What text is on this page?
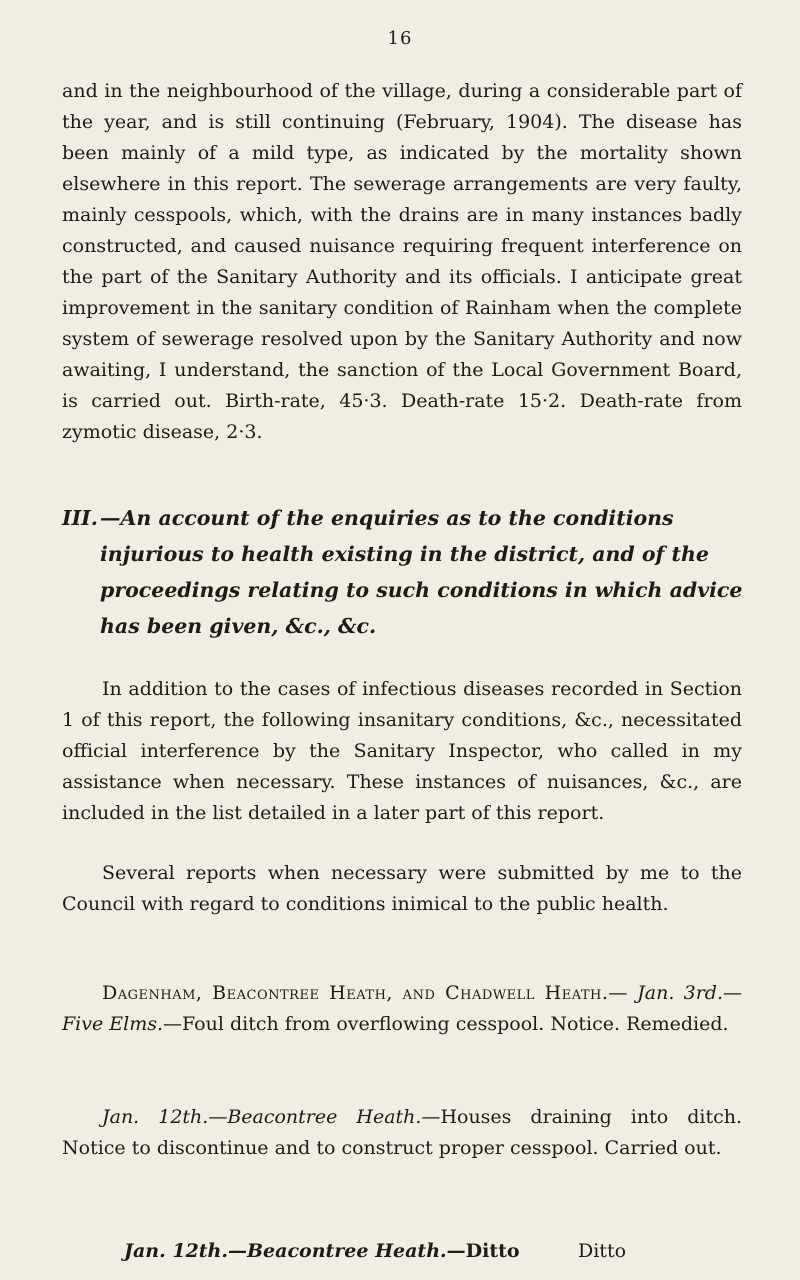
16

and in the neighbourhood of the village, during a considerable part of the year, and is still continuing (February, 1904). The disease has been mainly of a mild type, as indicated by the mortality shown elsewhere in this report. The sewerage arrangements are very faulty, mainly cesspools, which, with the drains are in many instances badly constructed, and caused nuisance requiring frequent interference on the part of the Sanitary Authority and its officials. I anticipate great improvement in the sanitary condition of Rainham when the complete system of sewerage resolved upon by the Sanitary Authority and now awaiting, I understand, the sanction of the Local Government Board, is carried out. Birth-rate, 45·3. Death-rate 15·2. Death-rate from zymotic disease, 2·3.

III. —An account of the enquiries as to the conditions injurious to health existing in the district, and of the proceedings relating to such conditions in which advice has been given, &c., &c.

In addition to the cases of infectious diseases recorded in Section 1 of this report, the following insanitary conditions, &c., necessitated official interference by the Sanitary Inspector, who called in my assistance when necessary. These instances of nuisances, &c., are included in the list detailed in a later part of this report.

Several reports when necessary were submitted by me to the Council with regard to conditions inimical to the public health.

Dagenham, Beacontree Heath, and Chadwell Heath.— Jan. 3rd.—Five Elms.—Foul ditch from overflowing cesspool. Notice. Remedied.

Jan. 12th.—Beacontree Heath.—Houses draining into ditch. Notice to discontinue and to construct proper cesspool. Carried out.

Jan. 12th.—Beacontree Heath.—Ditto	Ditto
